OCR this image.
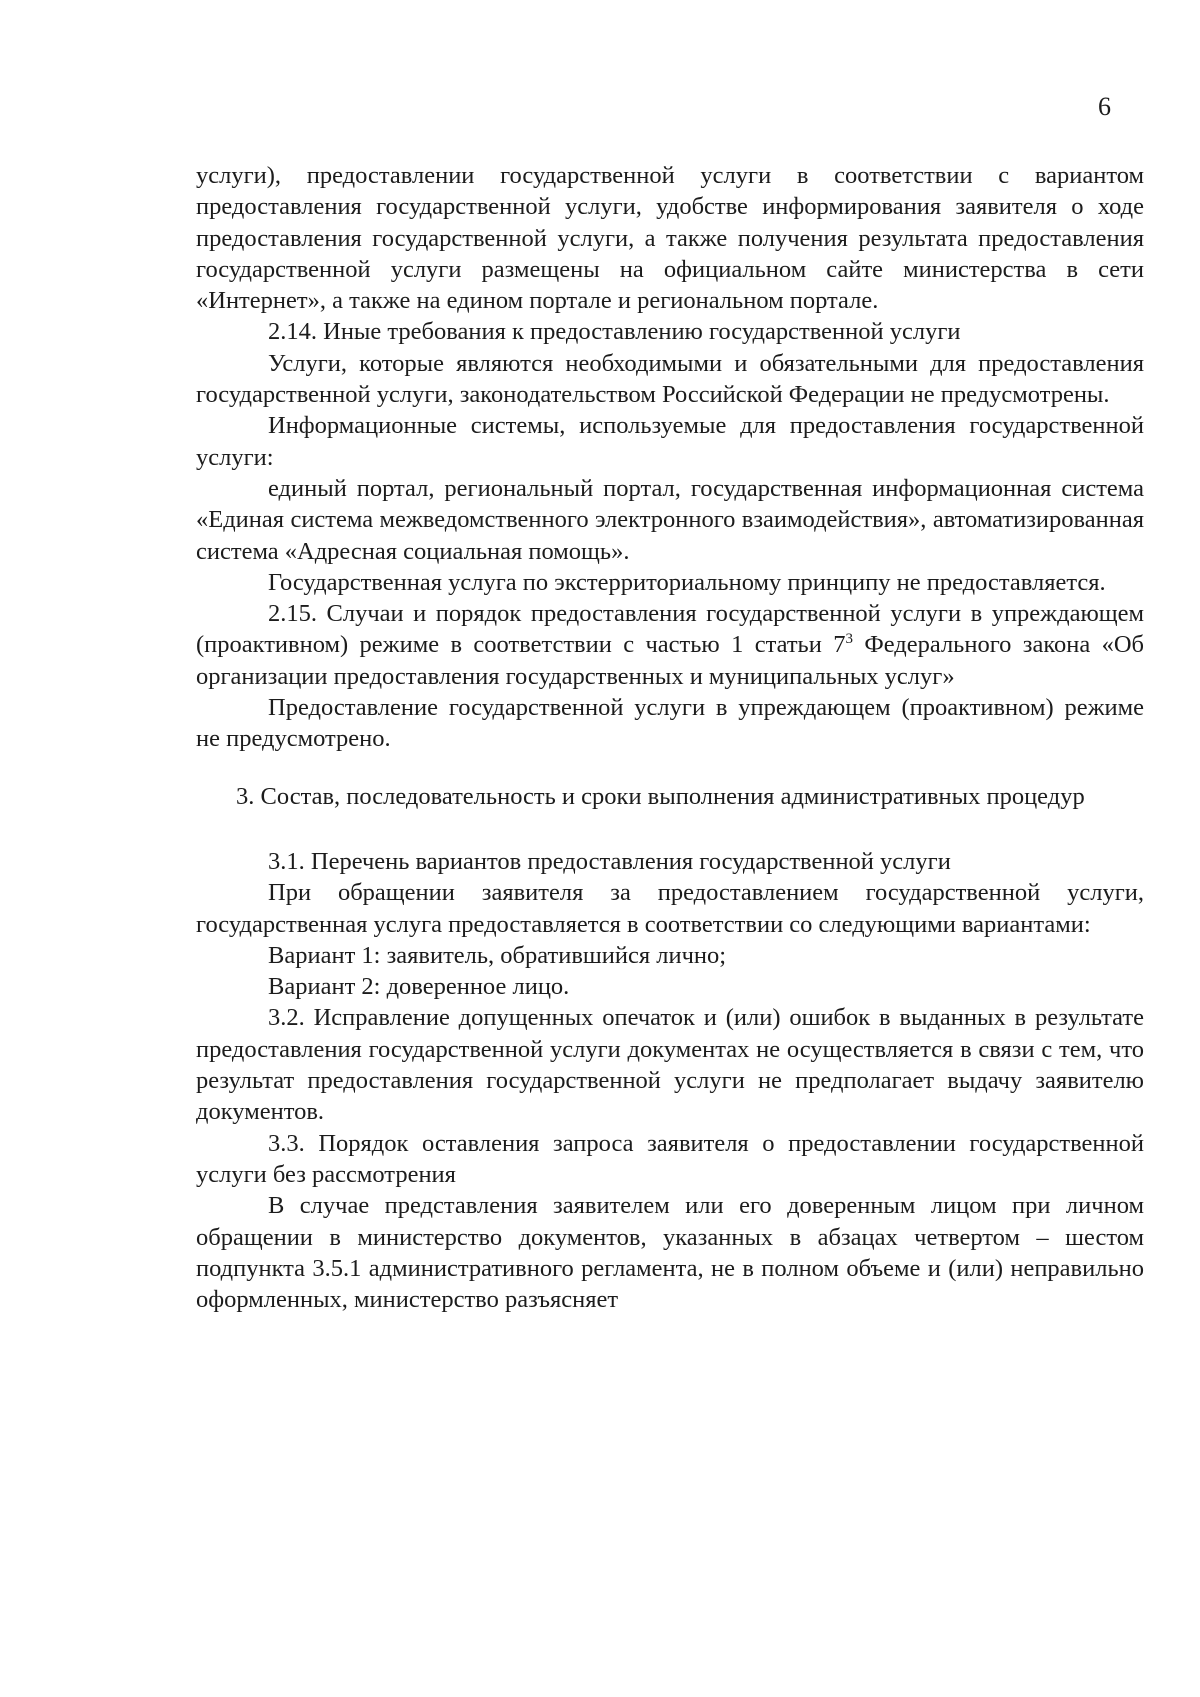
6

услуги), предоставлении государственной услуги в соответствии с вариантом предоставления государственной услуги, удобстве информирования заявителя о ходе предоставления государственной услуги, а также получения результата предоставления государственной услуги размещены на официальном сайте министерства в сети «Интернет», а также на едином портале и региональном портале.

2.14. Иные требования к предоставлению государственной услуги

Услуги, которые являются необходимыми и обязательными для предоставления государственной услуги, законодательством Российской Федерации не предусмотрены.

Информационные системы, используемые для предоставления государственной услуги:

единый портал, региональный портал, государственная информационная система «Единая система межведомственного электронного взаимодействия», автоматизированная система «Адресная социальная помощь».

Государственная услуга по экстерриториальному принципу не предоставляется.

2.15. Случаи и порядок предоставления государственной услуги в упреждающем (проактивном) режиме в соответствии с частью 1 статьи $7^3$ Федерального закона «Об организации предоставления государственных и муниципальных услуг»

Предоставление государственной услуги в упреждающем (проактивном) режиме не предусмотрено.

3. Состав, последовательность и сроки выполнения административных процедур

3.1. Перечень вариантов предоставления государственной услуги

При обращении заявителя за предоставлением государственной услуги, государственная услуга предоставляется в соответствии со следующими вариантами:

Вариант 1: заявитель, обратившийся лично;

Вариант 2: доверенное лицо.

3.2. Исправление допущенных опечаток и (или) ошибок в выданных в результате предоставления государственной услуги документах не осуществляется в связи с тем, что результат предоставления государственной услуги не предполагает выдачу заявителю документов.

3.3. Порядок оставления запроса заявителя о предоставлении государственной услуги без рассмотрения

В случае представления заявителем или его доверенным лицом при личном обращении в министерство документов, указанных в абзацах четвертом – шестом подпункта 3.5.1 административного регламента, не в полном объеме и (или) неправильно оформленных, министерство разъясняет
